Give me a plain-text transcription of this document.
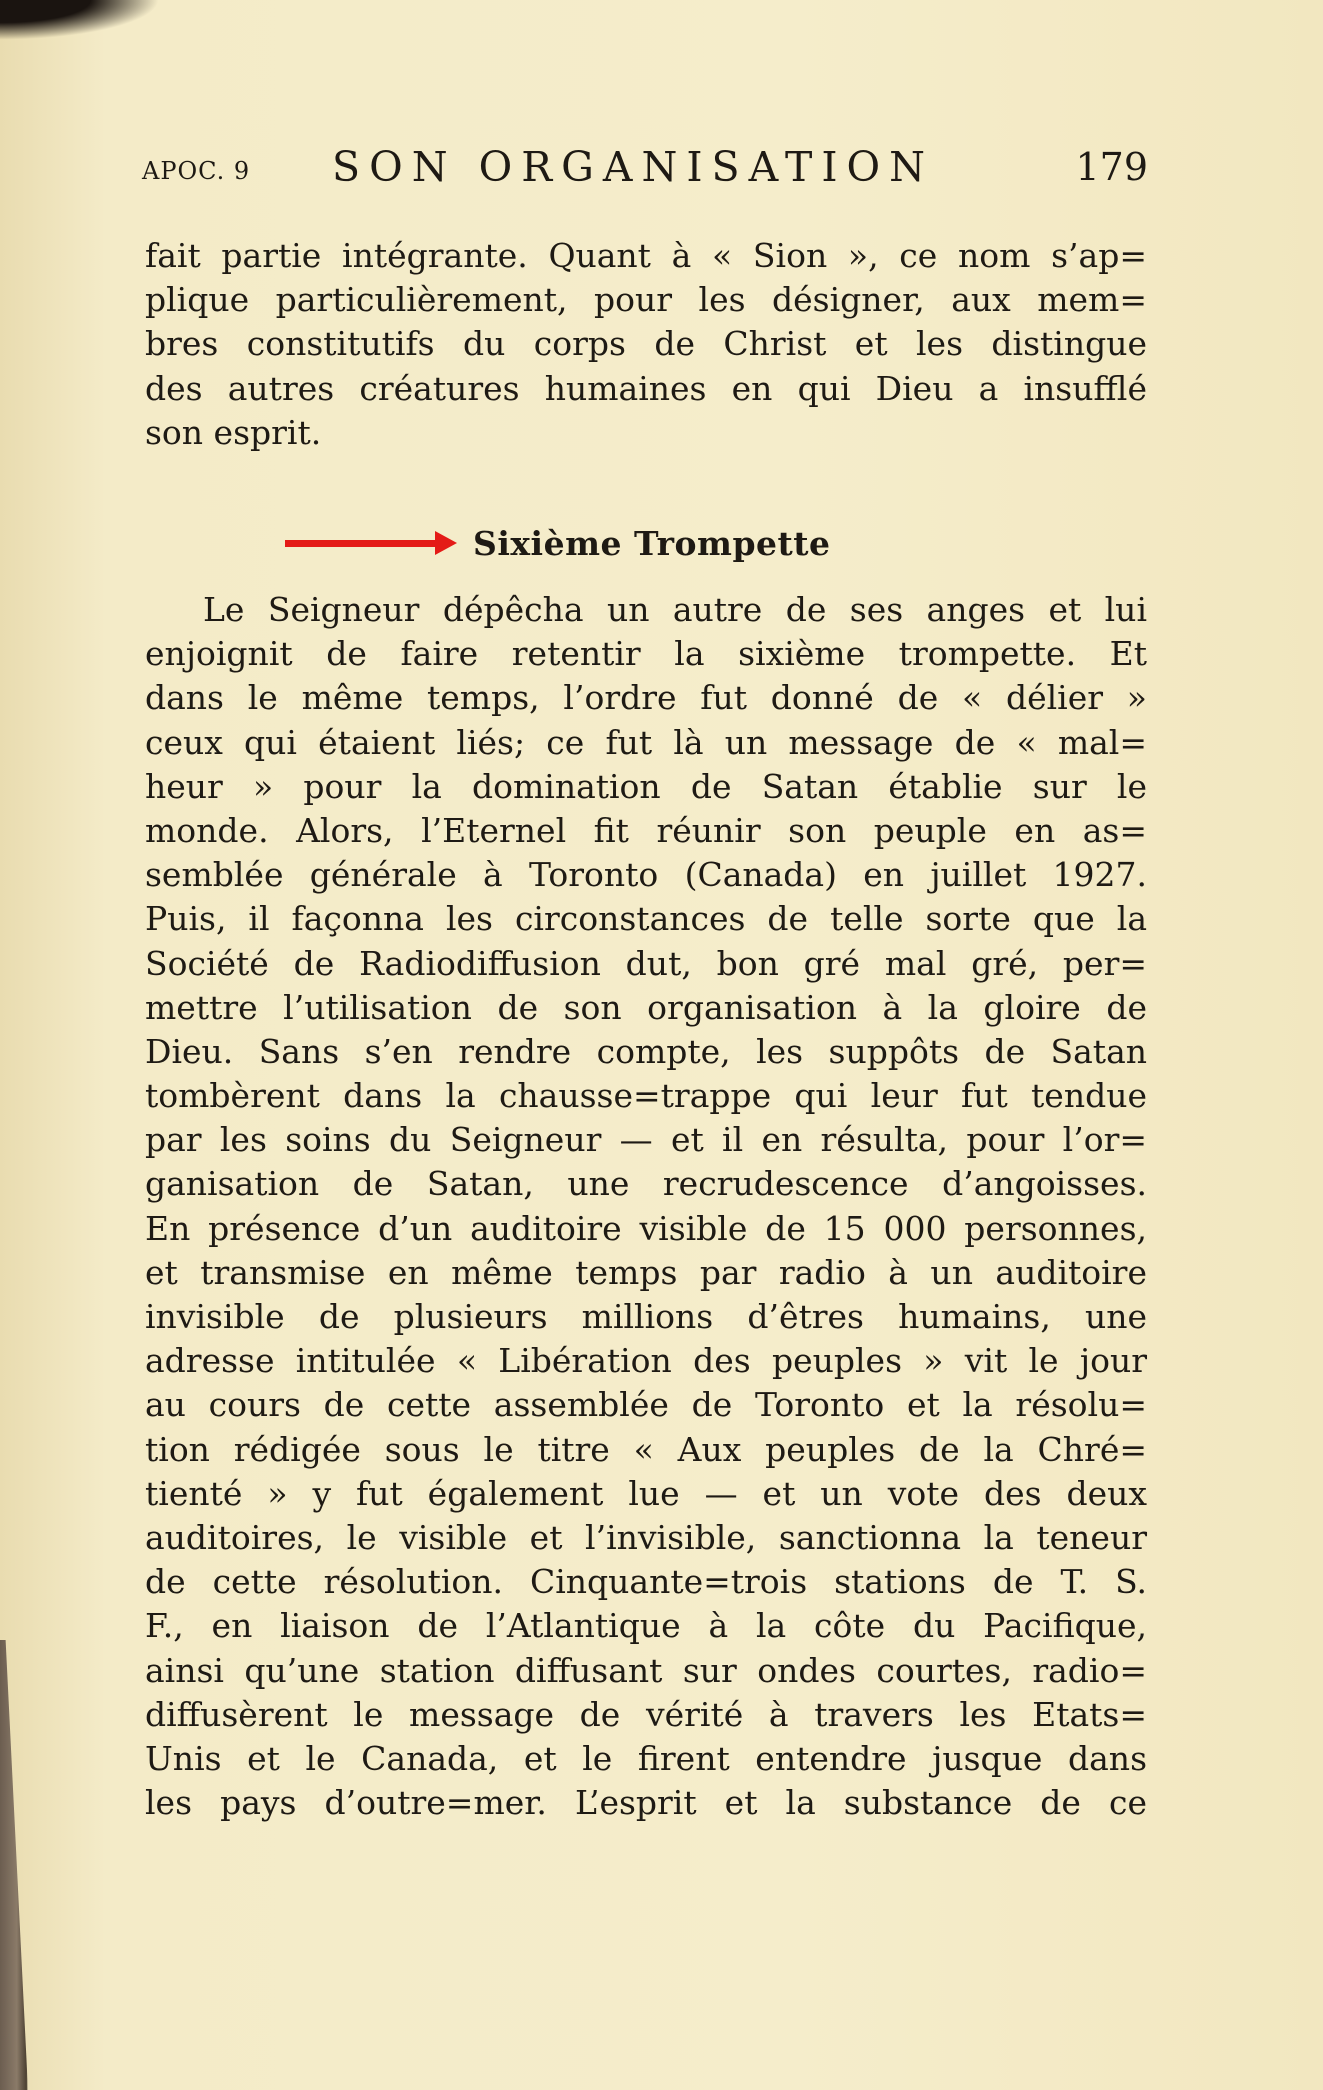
APOC. 9 SON ORGANISATION	179
fait partie intégrante. Quant à « Sion », ce nom s’ap=
plique particulièrement, pour les désigner, aux mem=
bres constitutifs du corps de Christ et les distingue
des autres créatures humaines en qui Dieu a insufflé
son esprit.
Sixième Trompette
Le Seigneur dépêcha un autre de ses anges et lui
enjoignit de faire retentir la sixième trompette. Et
dans le même temps, l’ordre fut donné de « délier »
ceux qui étaient liés; ce fut là un message de « mal=
heur » pour la domination de Satan établie sur le
monde. Alors, l’Eternel fit réunir son peuple en as=
semblée générale à Toronto (Canada) en juillet 1927.
Puis, il façonna les circonstances de telle sorte que la
Société de Radiodiffusion dut, bon gré mal gré, per=
mettre l’utilisation de son organisation à la gloire de
Dieu. Sans s’en rendre compte, les suppôts de Satan
tombèrent dans la chausse=trappe qui leur fut tendue
par les soins du Seigneur — et il en résulta, pour l’or=
ganisation de Satan, une recrudescence d’angoisses.
En présence d’un auditoire visible de 15 000 personnes,
et transmise en même temps par radio à un auditoire
invisible de plusieurs millions d’êtres humains, une
adresse intitulée « Libération des peuples » vit le jour
au cours de cette assemblée de Toronto et la résolu=
tion rédigée sous le titre « Aux peuples de la Chré=
tienté » y fut également lue — et un vote des deux
auditoires, le visible et l’invisible, sanctionna la teneur
de cette résolution. Cinquante=trois stations de T. S.
F., en liaison de l’Atlantique à la côte du Pacifique,
ainsi qu’une station diffusant sur ondes courtes, radio=
diffusèrent le message de vérité à travers les Etats=
Unis et le Canada, et le firent entendre jusque dans
les pays d’outre=mer. L’esprit et la substance de ce
